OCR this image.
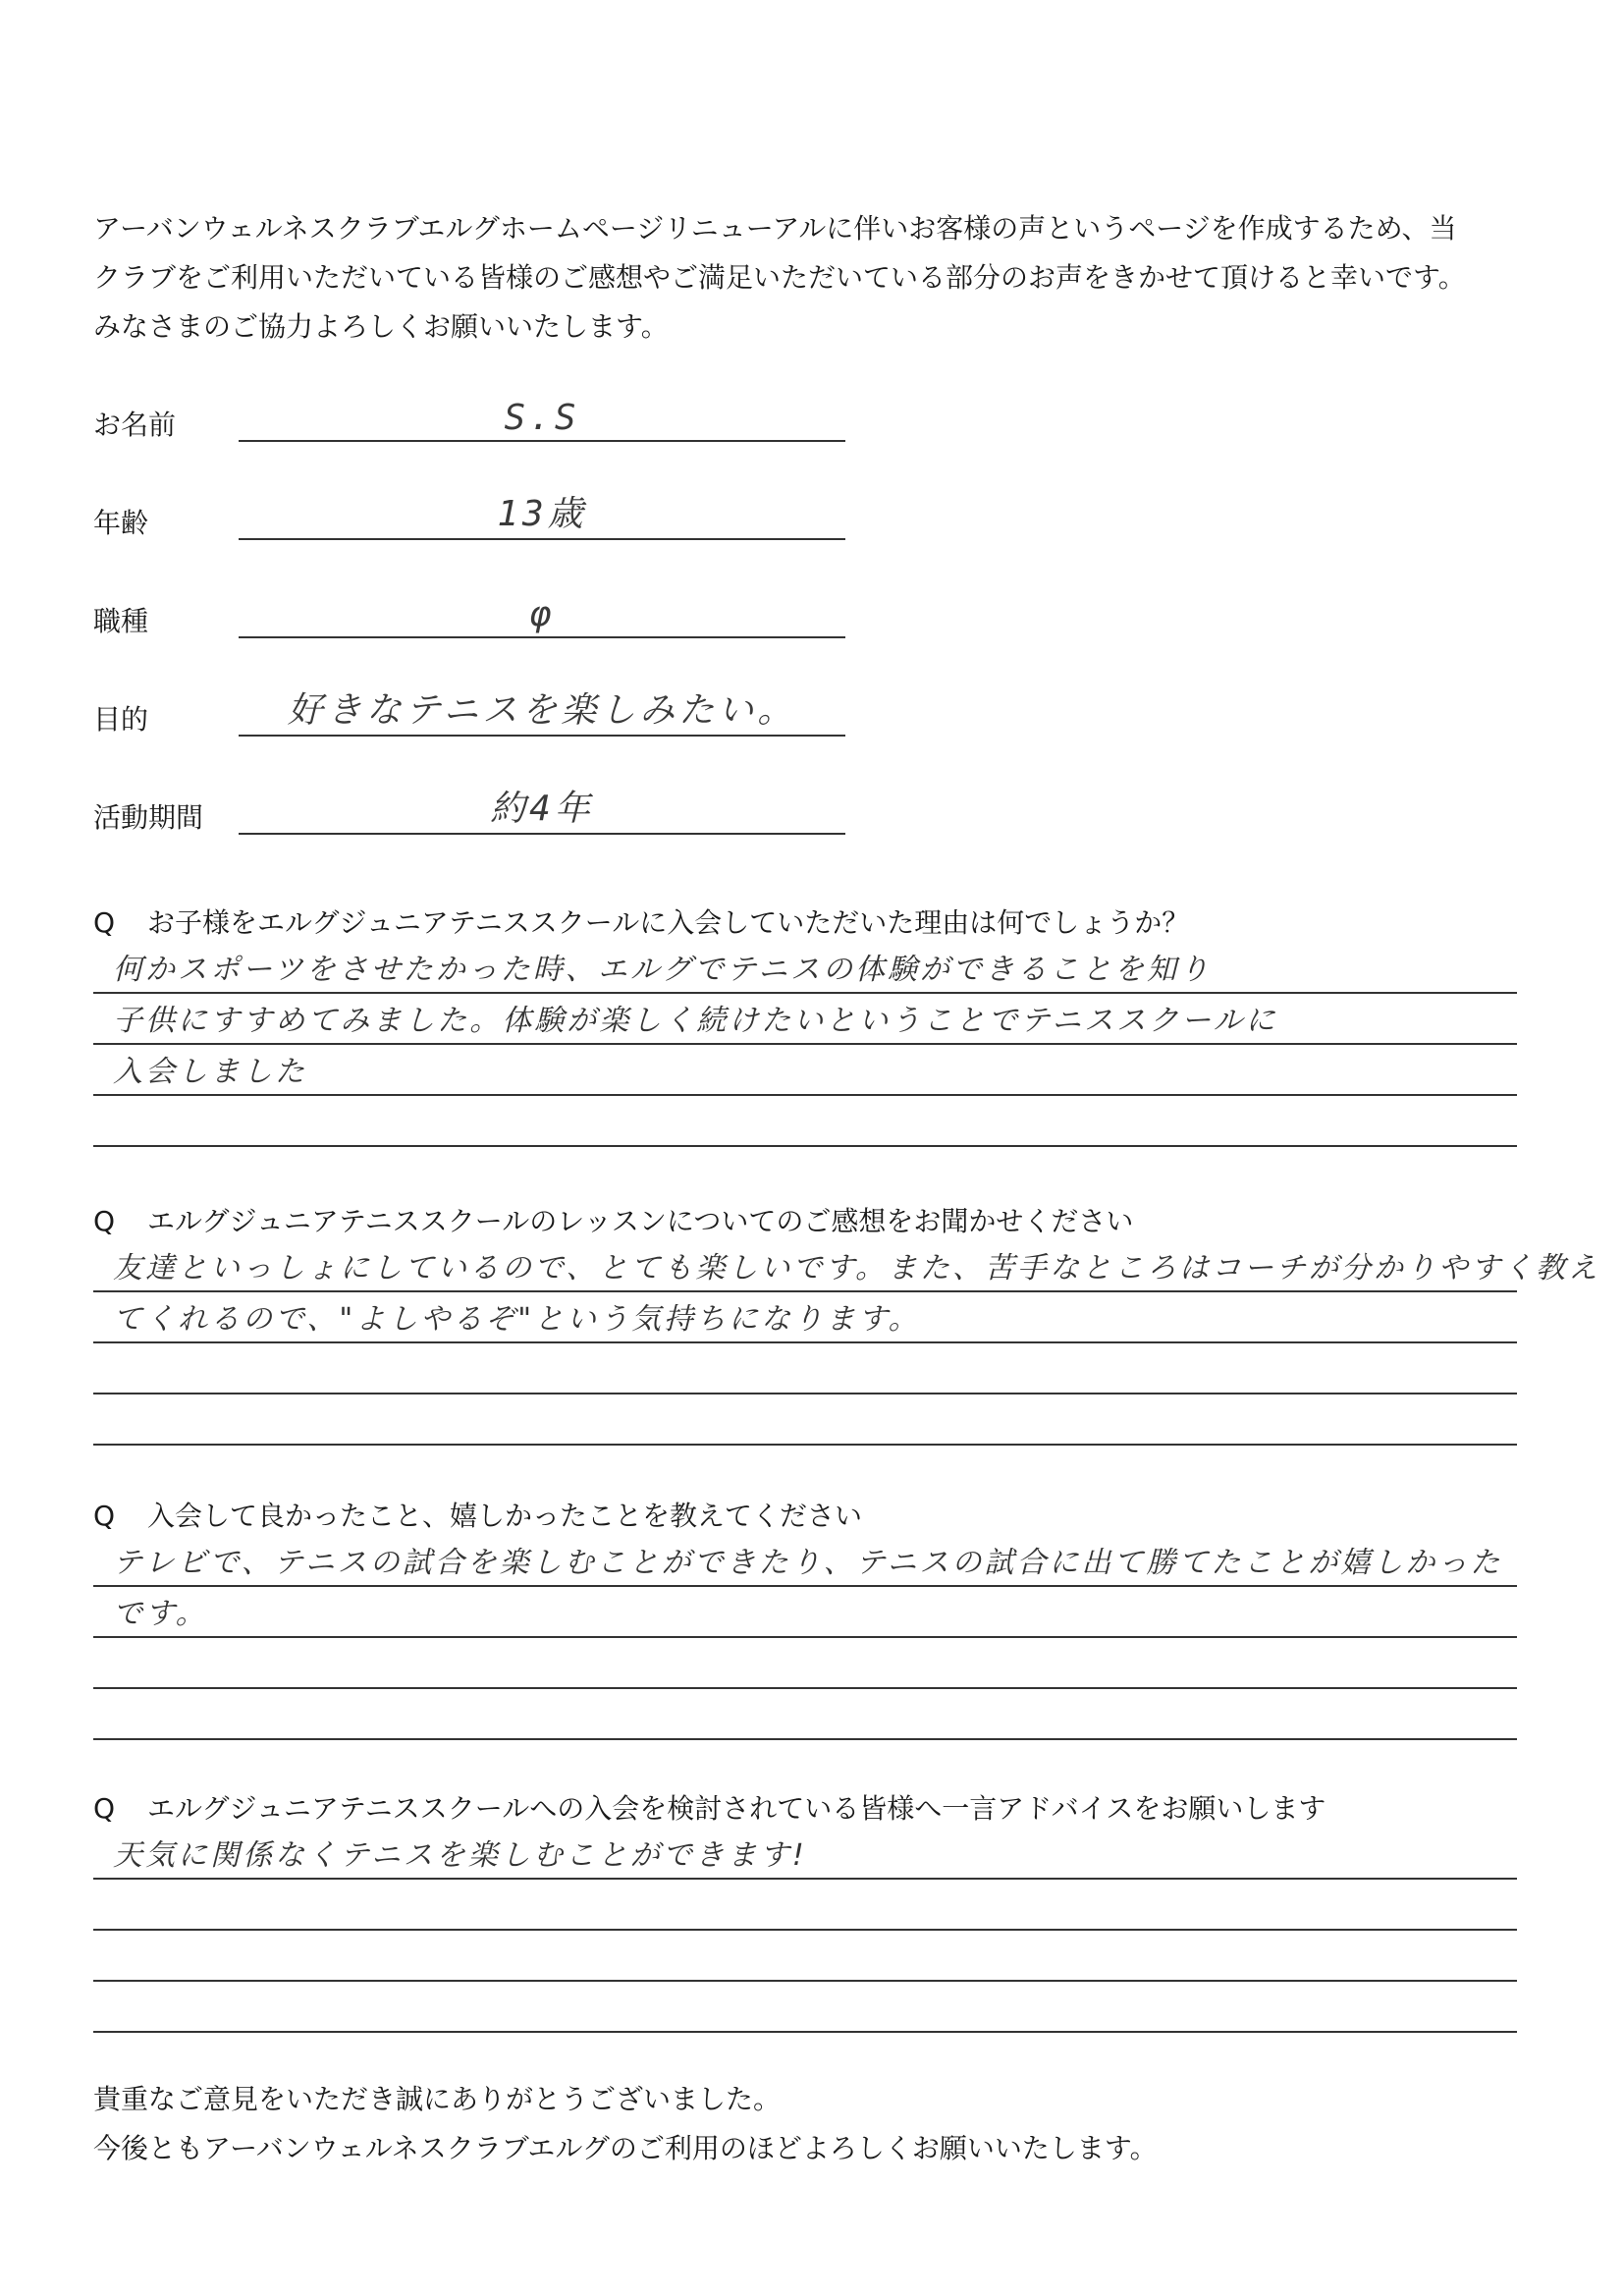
アーバンウェルネスクラブエルグホームページリニューアルに伴いお客様の声というページを作成するため、当

クラブをご利用いただいている皆様のご感想やご満足いただいている部分のお声をきかせて頂けると幸いです。

みなさまのご協力よろしくお願いいたします。

お名前	S.S
年齢	13歳
職種	φ
目的	好きなテニスを楽しみたい。
活動期間	約4年
Q お子様をエルグジュニアテニススクールに入会していただいた理由は何でしょうか？
何かスポーツをさせたかった時、エルグでテニスの体験ができることを知り
子供にすすめてみました。体験が楽しく続けたいということでテニススクールに
入会しました
Q エルグジュニアテニススクールのレッスンについてのご感想をお聞かせください
友達といっしょにしているので、とても楽しいです。また、苦手なところはコーチが分かりやすく教え
てくれるので、"よしやるぞ"という気持ちになります。
Q 入会して良かったこと、嬉しかったことを教えてください
テレビで、テニスの試合を楽しむことができたり、テニスの試合に出て勝てたことが嬉しかった
です。
Q エルグジュニアテニススクールへの入会を検討されている皆様へ一言アドバイスをお願いします
天気に関係なくテニスを楽しむことができます!

貴重なご意見をいただき誠にありがとうございました。

今後ともアーバンウェルネスクラブエルグのご利用のほどよろしくお願いいたします。
